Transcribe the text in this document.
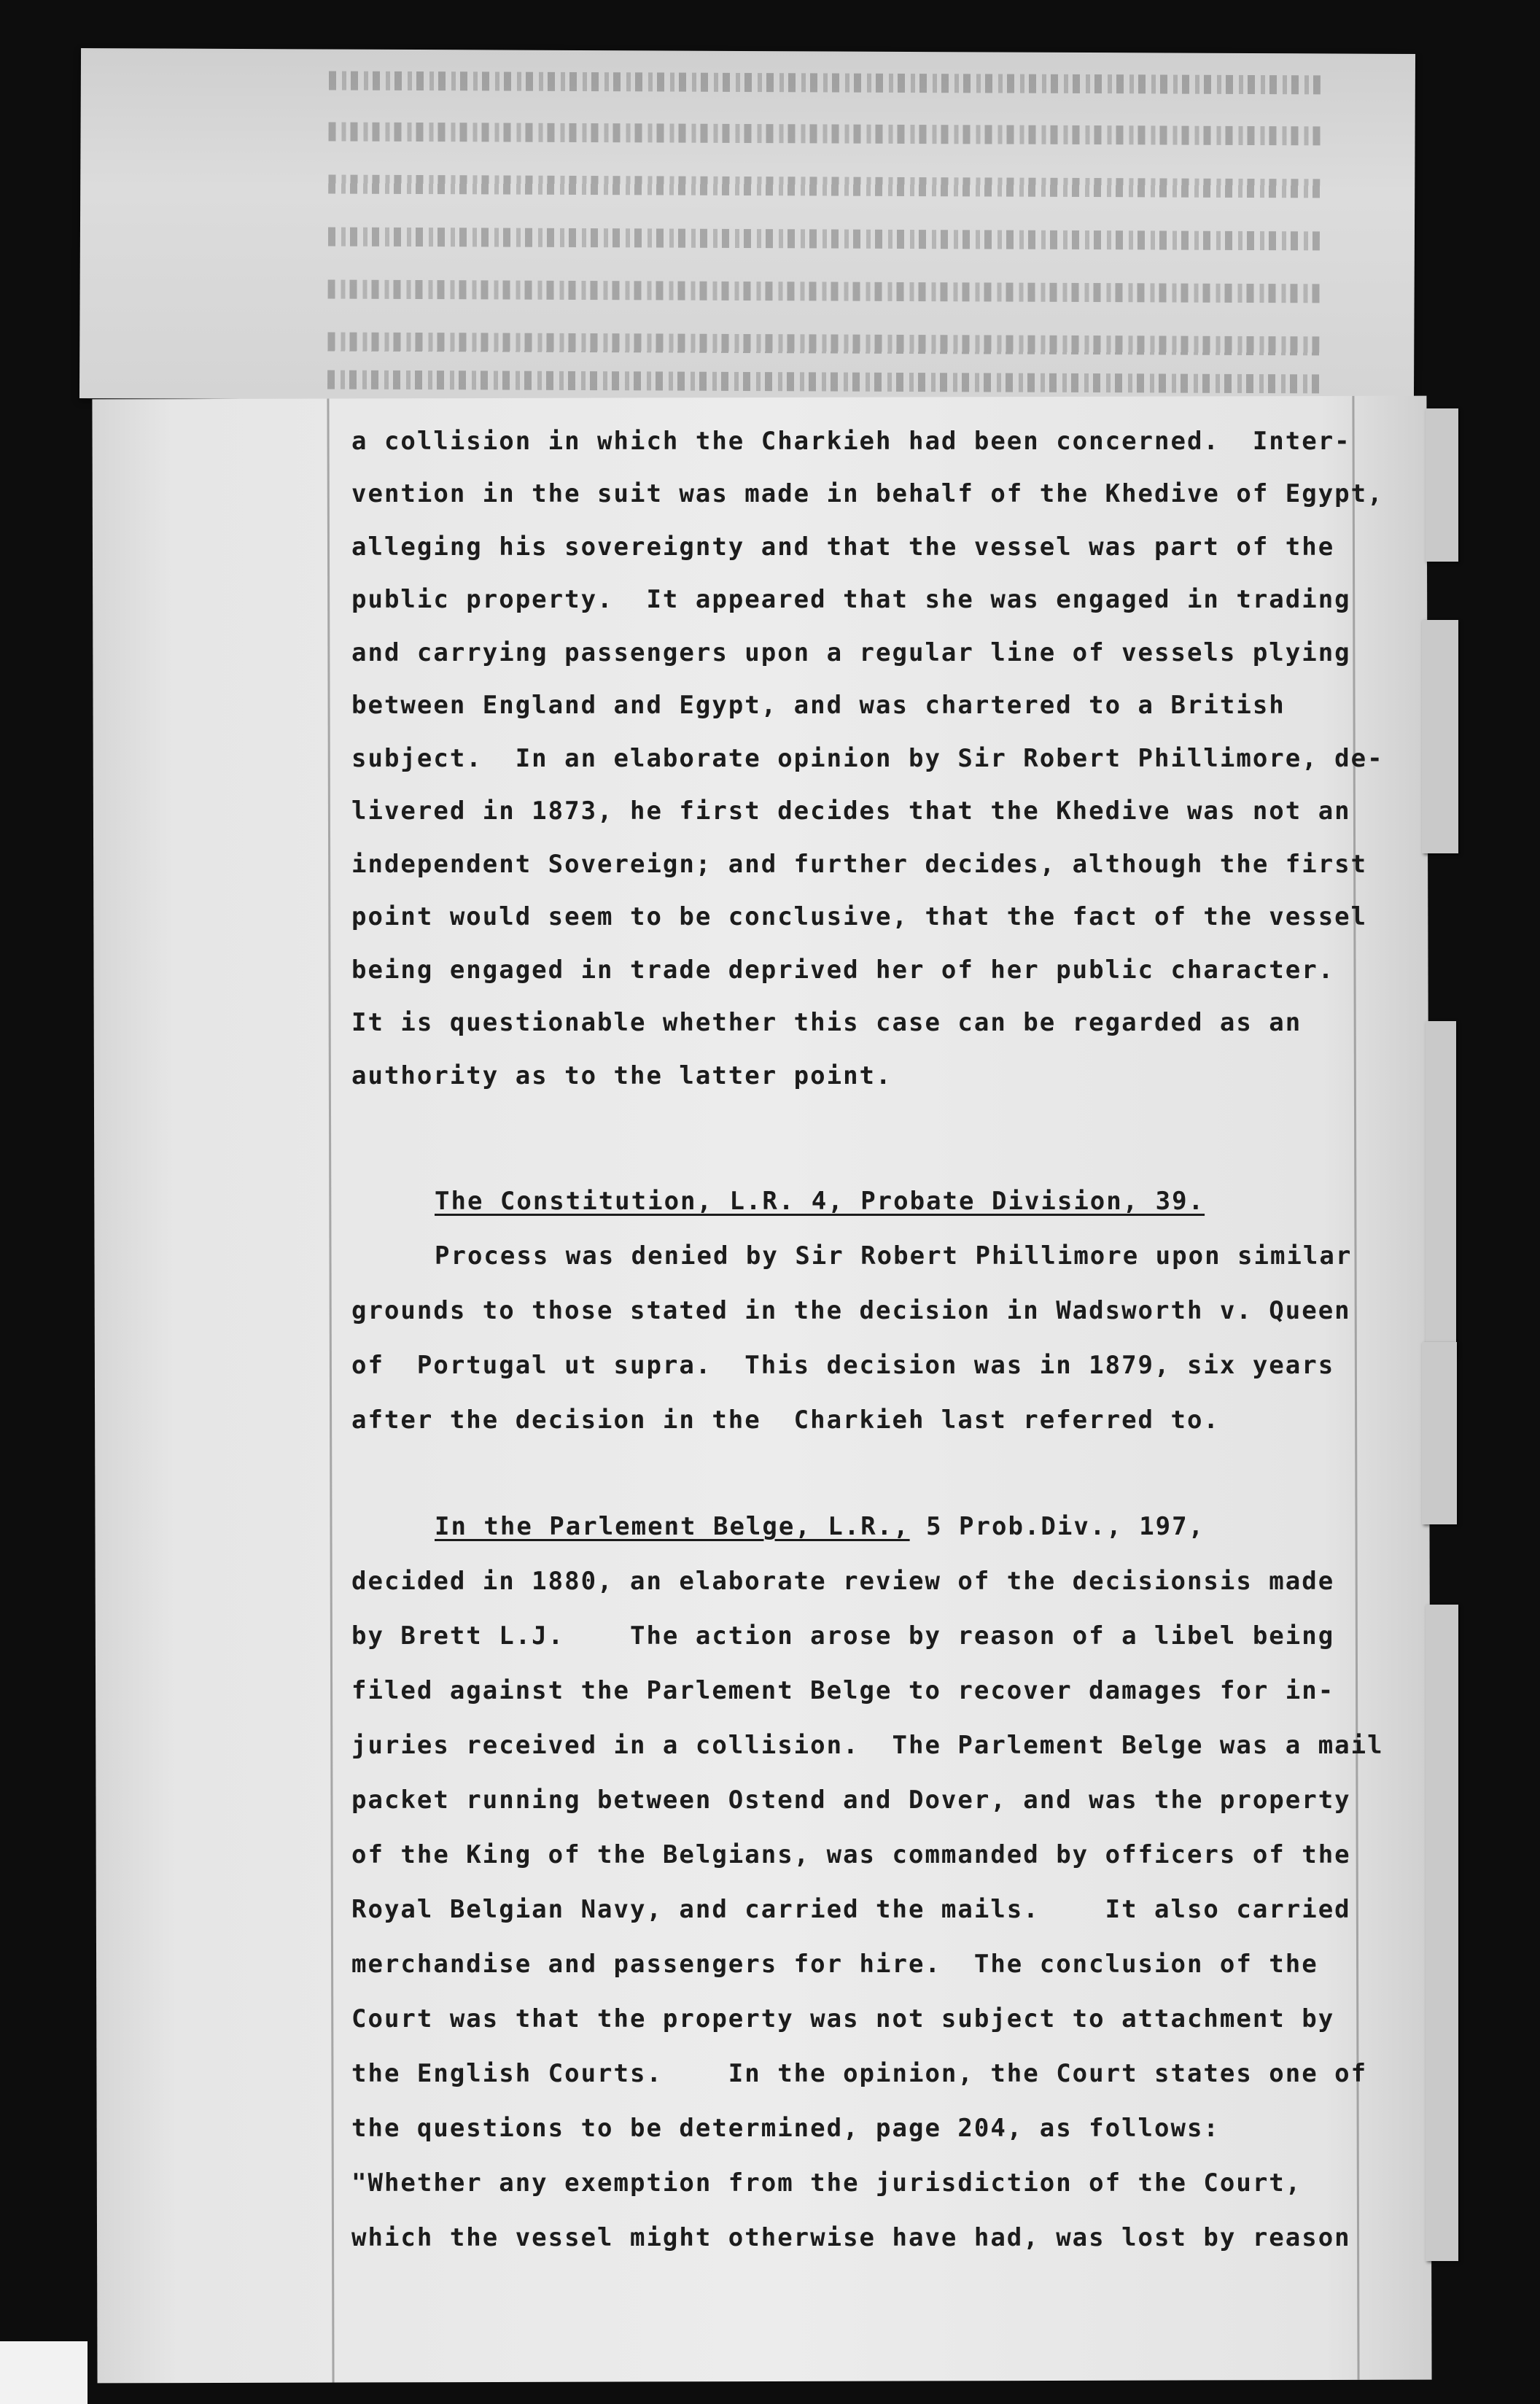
a collision in which the Charkieh had been concerned.  Inter-
vention in the suit was made in behalf of the Khedive of Egypt,
alleging his sovereignty and that the vessel was part of the
public property.  It appeared that she was engaged in trading
and carrying passengers upon a regular line of vessels plying
between England and Egypt, and was chartered to a British
subject.  In an elaborate opinion by Sir Robert Phillimore, de-
livered in 1873, he first decides that the Khedive was not an
independent Sovereign; and further decides, although the first
point would seem to be conclusive, that the fact of the vessel
being engaged in trade deprived her of her public character.
It is questionable whether this case can be regarded as an
authority as to the latter point.
The Constitution, L.R. 4, Probate Division, 39.
Process was denied by Sir Robert Phillimore upon similar
grounds to those stated in the decision in Wadsworth v. Queen
of  Portugal ut supra.  This decision was in 1879, six years
after the decision in the  Charkieh last referred to.
In the Parlement Belge, L.R., 5 Prob.Div., 197,
decided in 1880, an elaborate review of the decisionsis made
by Brett L.J.    The action arose by reason of a libel being
filed against the Parlement Belge to recover damages for in-
juries received in a collision.  The Parlement Belge was a mail
packet running between Ostend and Dover, and was the property
of the King of the Belgians, was commanded by officers of the
Royal Belgian Navy, and carried the mails.    It also carried
merchandise and passengers for hire.  The conclusion of the
Court was that the property was not subject to attachment by
the English Courts.    In the opinion, the Court states one of
the questions to be determined, page 204, as follows:
"Whether any exemption from the jurisdiction of the Court,
which the vessel might otherwise have had, was lost by reason
